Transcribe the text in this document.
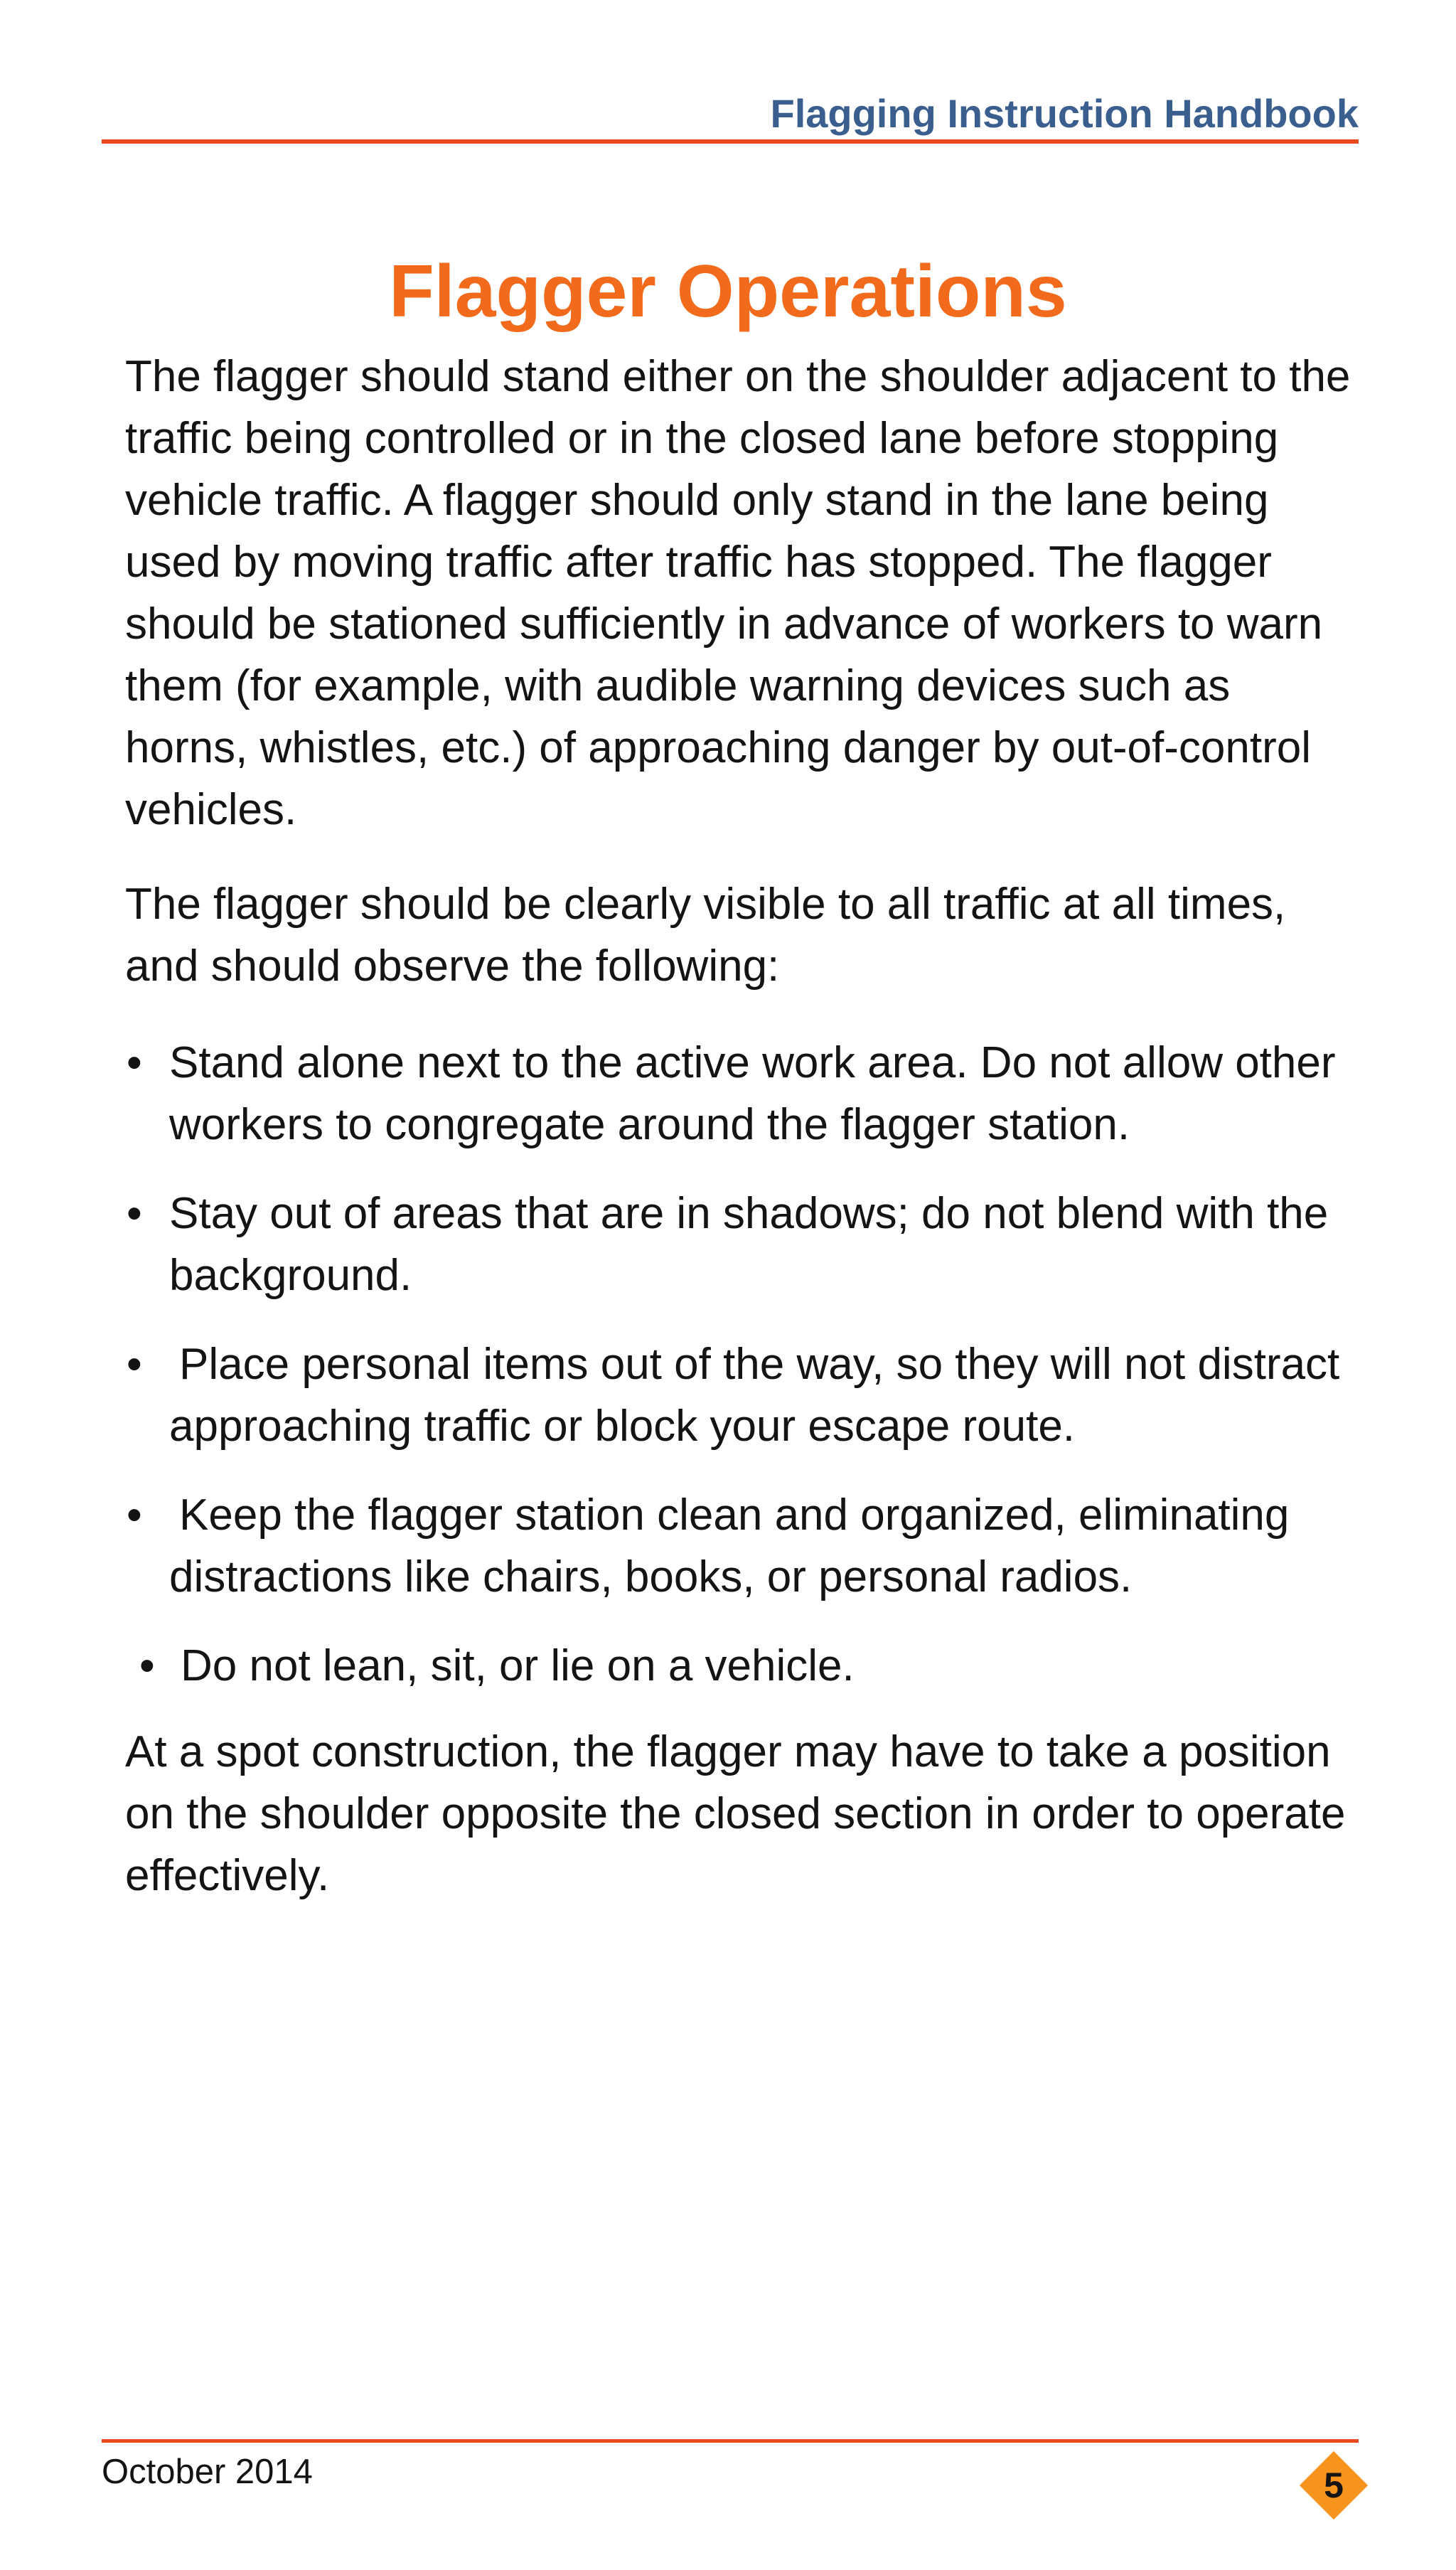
Flagging Instruction Handbook
Flagger Operations

The flagger should stand either on the shoulder adjacent to the traffic being controlled or in the closed lane before stopping vehicle traffic. A flagger should only stand in the lane being used by moving traffic after traffic has stopped. The flagger should be stationed sufficiently in advance of workers to warn them (for example, with audible warning devices such as horns, whistles, etc.) of approaching danger by out-of-control vehicles.

The flagger should be clearly visible to all traffic at all times, and should observe the following:

• Stand alone next to the active work area. Do not allow other workers to congregate around the flagger station.
• Stay out of areas that are in shadows; do not blend with the background.
• Place personal items out of the way, so they will not distract approaching traffic or block your escape route.
• Keep the flagger station clean and organized, eliminating distractions like chairs, books, or personal radios.
• Do not lean, sit, or lie on a vehicle.

At a spot construction, the flagger may have to take a position on the shoulder opposite the closed section in order to operate effectively.

October 2014	5
